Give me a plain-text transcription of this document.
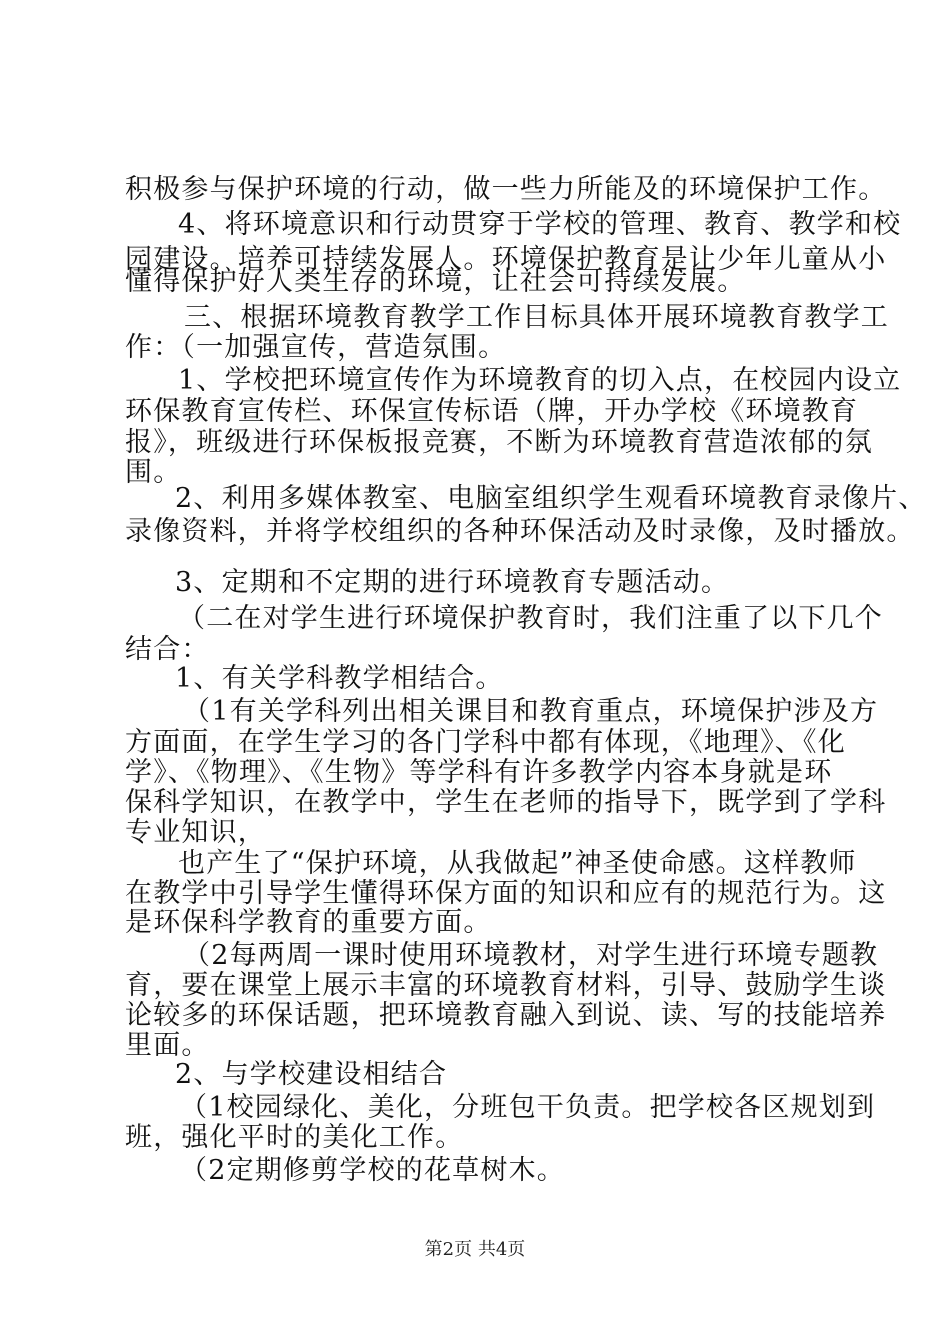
积极参与保护环境的行动，做一些力所能及的环境保护工作。
4、将环境意识和行动贯穿于学校的管理、教育、教学和校
园建设。培养可持续发展人。环境保护教育是让少年儿童从小
懂得保护好人类生存的环境，让社会可持续发展。
三、根据环境教育教学工作目标具体开展环境教育教学工
作：（一加强宣传，营造氛围。
1、学校把环境宣传作为环境教育的切入点，在校园内设立
环保教育宣传栏、环保宣传标语（牌，开办学校《环境教育
报》，班级进行环保板报竞赛，不断为环境教育营造浓郁的氛
围。
2、利用多媒体教室、电脑室组织学生观看环境教育录像片、
录像资料，并将学校组织的各种环保活动及时录像，及时播放。
3、定期和不定期的进行环境教育专题活动。
（二在对学生进行环境保护教育时，我们注重了以下几个
结合：
1、有关学科教学相结合。
（1有关学科列出相关课目和教育重点，环境保护涉及方
方面面，在学生学习的各门学科中都有体现，《地理》、《化
学》、《物理》、《生物》等学科有许多教学内容本身就是环
保科学知识，在教学中，学生在老师的指导下，既学到了学科
专业知识，
也产生了“保护环境，从我做起”神圣使命感。这样教师
在教学中引导学生懂得环保方面的知识和应有的规范行为。这
是环保科学教育的重要方面。
（2每两周一课时使用环境教材，对学生进行环境专题教
育，要在课堂上展示丰富的环境教育材料，引导、鼓励学生谈
论较多的环保话题，把环境教育融入到说、读、写的技能培养
里面。
2、与学校建设相结合
（1校园绿化、美化，分班包干负责。把学校各区规划到
班，强化平时的美化工作。
（2定期修剪学校的花草树木。
第2页 共4页
